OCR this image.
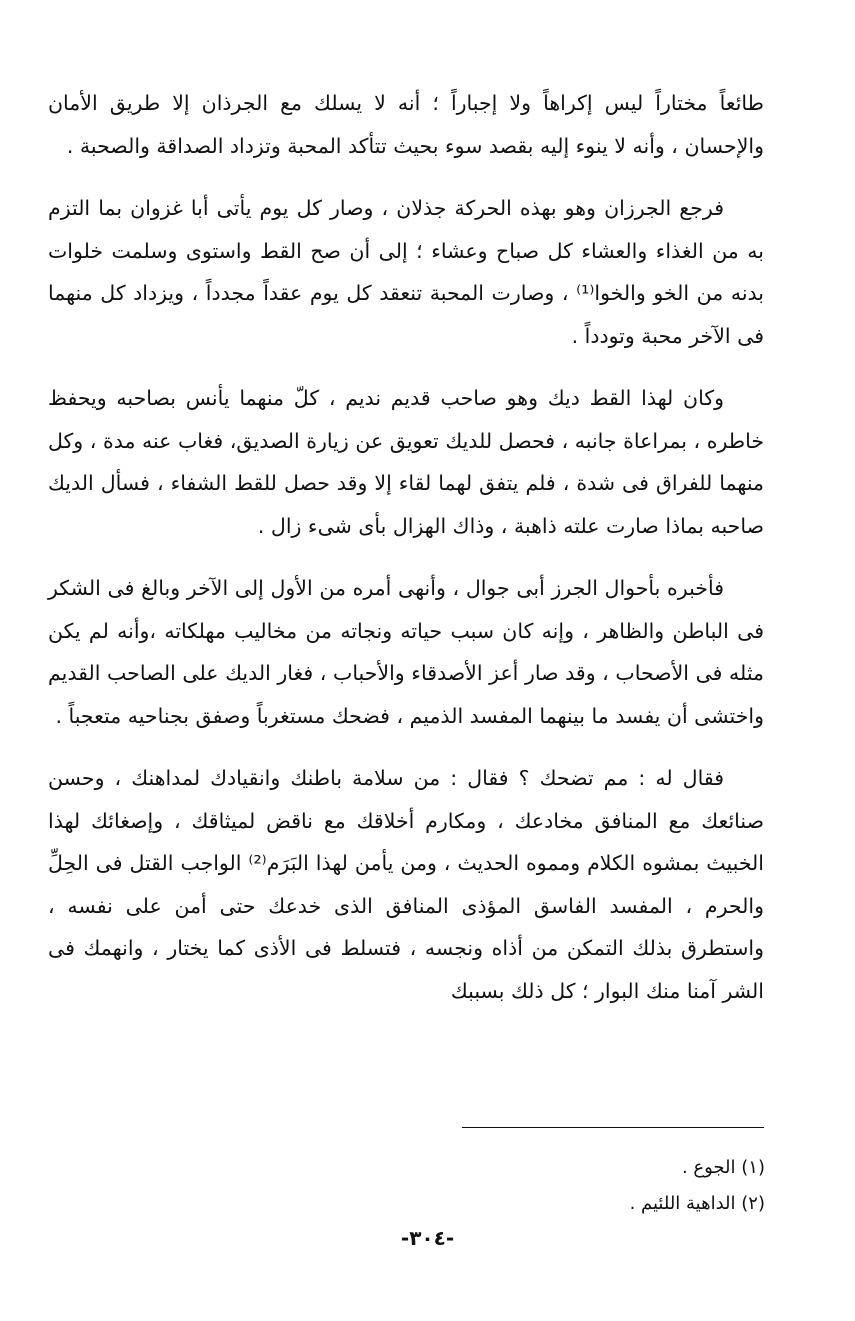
طائعاً مختاراً ليس إكراهاً ولا إجباراً ؛ أنه لا يسلك مع الجرذان إلا طريق الأمان والإحسان ، وأنه لا ينوء إليه بقصد سوء بحيث تتأكد المحبة وتزداد الصداقة والصحبة .

فرجع الجرزان وهو بهذه الحركة جذلان ، وصار كل يوم يأتى أبا غزوان بما التزم به من الغذاء والعشاء كل صباح وعشاء ؛ إلى أن صح القط واستوى وسلمت خلوات بدنه من الخو والخوا⁽¹⁾ ، وصارت المحبة تنعقد كل يوم عقداً مجدداً ، ويزداد كل منهما فى الآخر محبة وتودداً .

وكان لهذا القط ديك وهو صاحب قديم نديم ، كلّ منهما يأنس بصاحبه ويحفظ خاطره ، بمراعاة جانبه ، فحصل للديك تعويق عن زيارة الصديق، فغاب عنه مدة ، وكل منهما للفراق فى شدة ، فلم يتفق لهما لقاء إلا وقد حصل للقط الشفاء ، فسأل الديك صاحبه بماذا صارت علته ذاهبة ، وذاك الهزال بأى شىء زال .

فأخبره بأحوال الجرز أبى جوال ، وأنهى أمره من الأول إلى الآخر وبالغ فى الشكر فى الباطن والظاهر ، وإنه كان سبب حياته ونجاته من مخاليب مهلكاته ،وأنه لم يكن مثله فى الأصحاب ، وقد صار أعز الأصدقاء والأحباب ، فغار الديك على الصاحب القديم واختشى أن يفسد ما بينهما المفسد الذميم ، فضحك مستغرباً وصفق بجناحيه متعجباً .

فقال له : مم تضحك ؟ فقال : من سلامة باطنك وانقيادك لمداهنك ، وحسن صنائعك مع المنافق مخادعك ، ومكارم أخلاقك مع ناقض لميثاقك ، وإصغائك لهذا الخبيث بمشوه الكلام ومموه الحديث ، ومن يأمن لهذا البَرَم⁽²⁾ الواجب القتل فى الحِلِّ والحرم ، المفسد الفاسق المؤذى المنافق الذى خدعك حتى أمن على نفسه ، واستطرق بذلك التمكن من أذاه ونجسه ، فتسلط فى الأذى كما يختار ، وانهمك فى الشر آمنا منك البوار ؛ كل ذلك بسببك

(١) الجوع .
(٢) الداهية اللئيم .
-٣٠٤-
